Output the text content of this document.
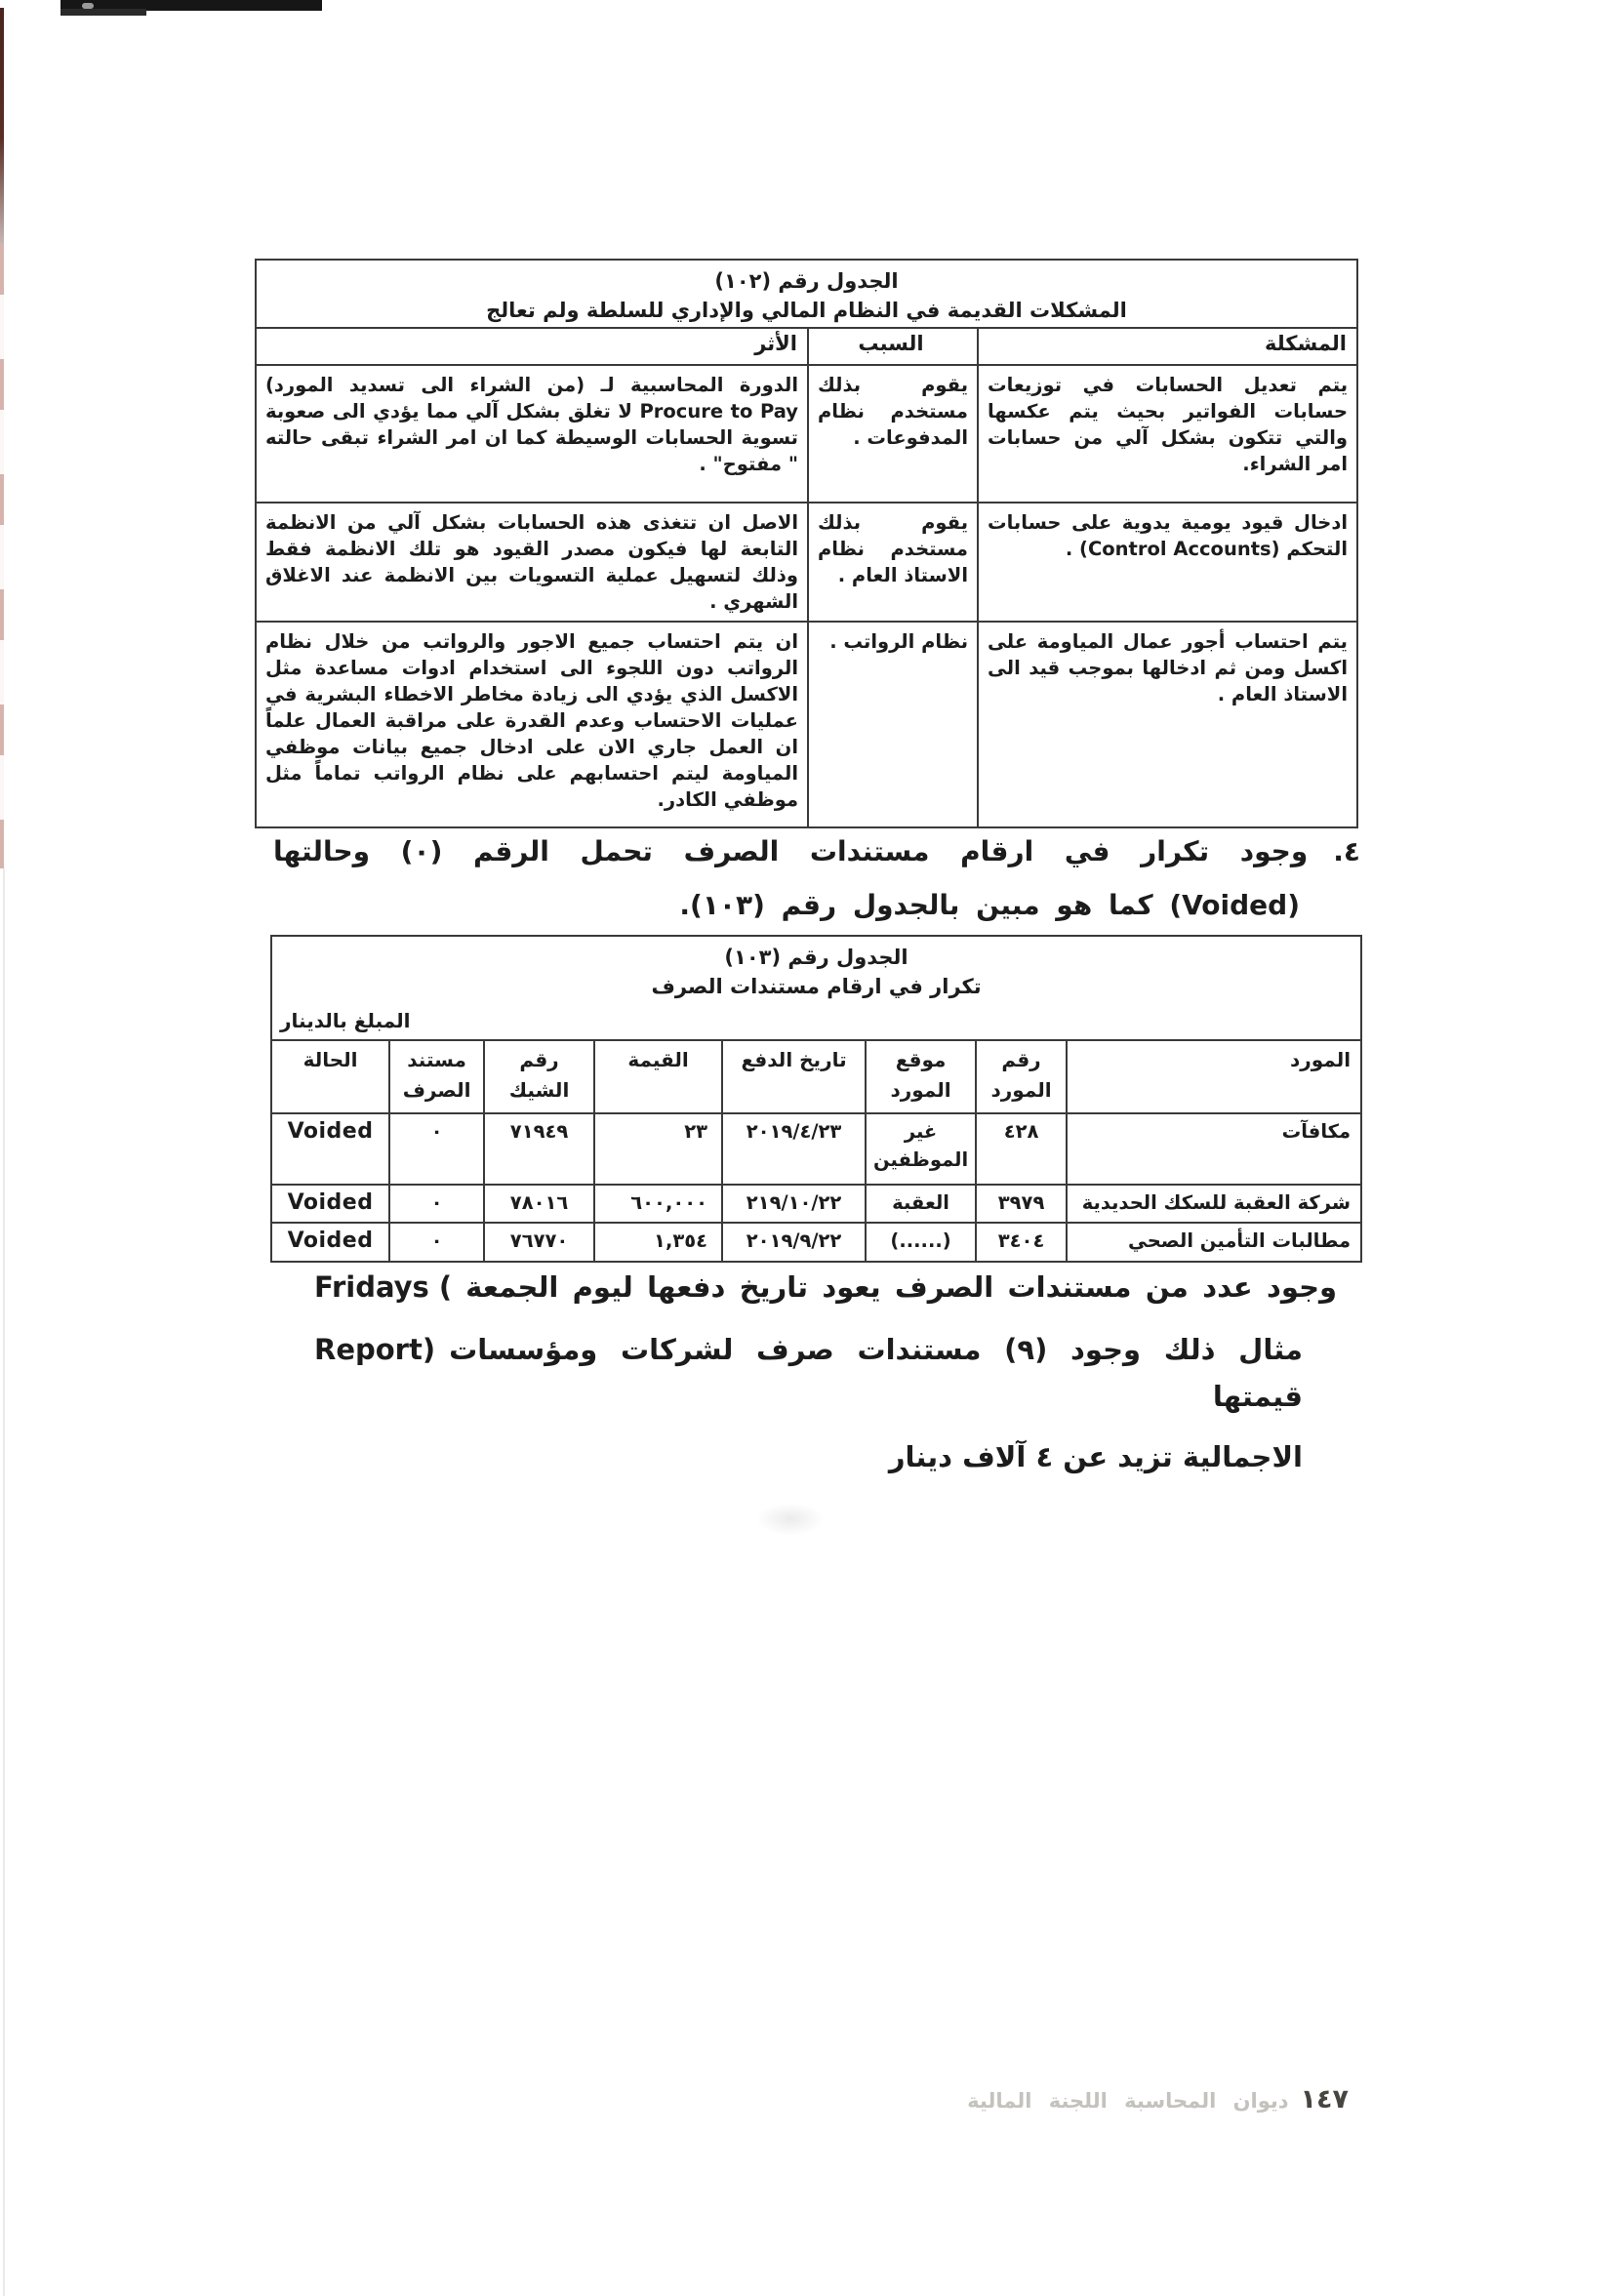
الجدول رقم (١٠٢)
المشكلات القديمة في النظام المالي والإداري للسلطة ولم تعالج		

المشكلة	السبب	الأثر
يتم تعديل الحسابات في توزيعات حسابات الفواتير بحيث يتم عكسها والتي تتكون بشكل آلي من حسابات امر الشراء.	يقوم بذلك مستخدم نظام المدفوعات .	الدورة المحاسبية لـ (من الشراء الى تسديد المورد) Procure to Pay لا تغلق بشكل آلي مما يؤدي الى صعوبة تسوية الحسابات الوسيطة كما ان امر الشراء تبقى حالته " مفتوح" .
ادخال قيود يومية يدوية على حسابات التحكم (Control Accounts) .	يقوم بذلك مستخدم نظام الاستاذ العام .	الاصل ان تتغذى هذه الحسابات بشكل آلي من الانظمة التابعة لها فيكون مصدر القيود هو تلك الانظمة فقط وذلك لتسهيل عملية التسويات بين الانظمة عند الاغلاق الشهري .
يتم احتساب أجور عمال المياومة على اكسل ومن ثم ادخالها بموجب قيد الى الاستاذ العام .	نظام الرواتب .	ان يتم احتساب جميع الاجور والرواتب من خلال نظام الرواتب دون اللجوء الى استخدام ادوات مساعدة مثل الاكسل الذي يؤدي الى زيادة مخاطر الاخطاء البشرية في عمليات الاحتساب وعدم القدرة على مراقبة العمال علماً ان العمل جاري الان على ادخال جميع بيانات موظفي المياومة ليتم احتسابهم على نظام الرواتب تماماً مثل موظفي الكادر.
٤.
وجود تكرار في ارقام مستندات الصرف تحمل الرقم (٠) وحالتها
(Voided) كما هو مبين بالجدول رقم (١٠٣).
الجدول رقم (١٠٣)
تكرار في ارقام مستندات الصرف
المبلغ بالدينار							

المورد	رقم المورد	موقع المورد	تاريخ الدفع	القيمة	رقم الشيك	مستند الصرف	الحالة
مكافآت	٤٢٨	غير الموظفين	٢٠١٩/٤/٢٣	٢٣	٧١٩٤٩	٠	Voided
شركة العقبة للسكك الحديدية	٣٩٧٩	العقبة	٢١٩/١٠/٢٢	٦٠٠,٠٠٠	٧٨٠١٦	٠	Voided
مطالبات التأمين الصحي	٣٤٠٤	(......)	٢٠١٩/٩/٢٢	١,٣٥٤	٧٦٧٧٠	٠	Voided
Fridays ( وجود عدد من مستندات الصرف يعود تاريخ دفعها ليوم الجمعة
Report) مثال ذلك وجود (٩) مستندات صرف لشركات ومؤسسات قيمتها
الاجمالية تزيد عن ٤ آلاف دينار
١٤٧
ديوان المحاسبة اللجنة المالية
